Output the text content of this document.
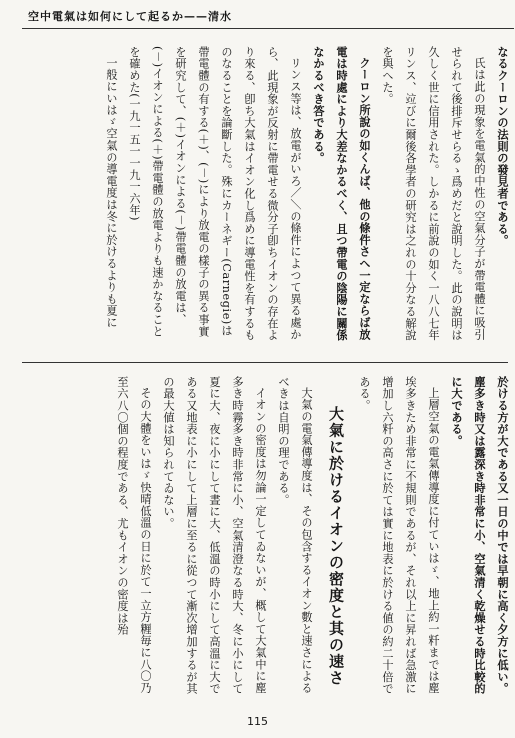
空中電氣は如何にして起るか——清水

なるクーロンの法則の發見者である。

氏は此の現象を電氣的中性の空氣分子が帶電體に吸引せられて後排斥せらるゝ爲めだと說明した。此の說明は久しく世に信用された。しかるに前說の如く一八八七年リンス、竝びに爾後各學者の研究は之れの十分なる解說を與へた。

クーロン所說の如くんば、他の條件さへ一定ならば放電は時處により大差なかるべく、且つ帶電の陰陽に關係なかるべき答である。

リンス等は、放電がいろ／＼の條件によつて異る處から、此現象が反射に帶電せる微分子卽ちイオンの存在より來る、卽ち大氣はイオン化し爲めに導電性を有するものなることを論斷した。殊にカーネギー(Carnegie)は帶電體の有する(＋)、(－)により放電の樣子の異る事實を研究して、(＋)イオンによる(－)帶電體の放電は、(－)イオンによる(＋)帶電體の放電よりも速かなることを確めた(一九一五一一九一六年)

一般にいはゞ空氣の導電度は冬に於けるよりも夏に

於ける方が大である又一日の中では早朝に高く夕方に低い。塵多き時又は露深き時非常に小、空氣清く乾燥せる時比較的に大である。

上層空氣の電氣傳導度に付ていはゞ、地上約一粁までは塵埃多きため非常に不規則であるが、それ以上に昇れば急激に增加し六粁の高さに於ては實に地表に於ける値の約二十倍である。

大氣に於けるイオンの密度と其の速さ

大氣の電氣傳導度は、その包含するイオン數と速さによるべきは自明の理である。

イオンの密度は勿論一定してゐないが、概して大氣中に塵多き時霧多き時非常に小、空氣清澄なる時大、冬に小にして夏に大、夜に小にして晝に大、低溫の時小にして高溫に大である又地表に小にして上層に至るに從つて漸次增加するが其の最大値は知られてゐない。

その大體をいはゞ快晴低溫の日に於て一立方糎毎に八〇乃至六八〇個の程度である、尤もイオンの密度は殆

115
